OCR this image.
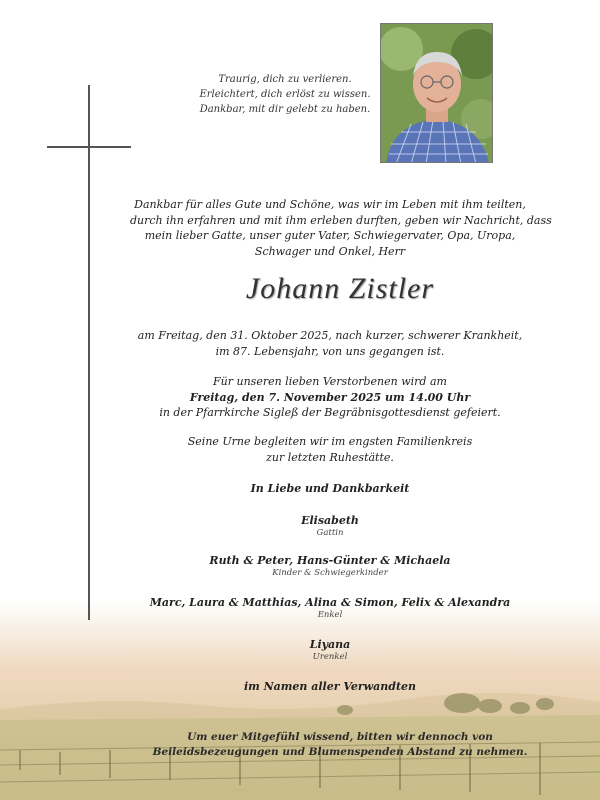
Traurig, dich zu verlieren.
Erleichtert, dich erlöst zu wissen.
Dankbar, mit dir gelebt zu haben.
Dankbar für alles Gute und Schöne, was wir im Leben mit ihm teilten,
durch ihn erfahren und mit ihm erleben durften, geben wir Nachricht, dass
mein lieber Gatte, unser guter Vater, Schwiegervater, Opa, Uropa,
Schwager und Onkel, Herr
Johann Zistler
am Freitag, den 31. Oktober 2025, nach kurzer, schwerer Krankheit,
im 87. Lebensjahr, von uns gegangen ist.
Für unseren lieben Verstorbenen wird am
Freitag, den 7. November 2025 um 14.00 Uhr
in der Pfarrkirche Sigleß der Begräbnisgottesdienst gefeiert.
Seine Urne begleiten wir im engsten Familienkreis
zur letzten Ruhestätte.
In Liebe und Dankbarkeit
Elisabeth
Gattin
Ruth & Peter, Hans-Günter & Michaela
Kinder & Schwiegerkinder
Marc, Laura & Matthias, Alina & Simon, Felix & Alexandra
Enkel
Liyana
Urenkel
im Namen aller Verwandten
Um euer Mitgefühl wissend, bitten wir dennoch von
Beileidsbezeugungen und Blumenspenden Abstand zu nehmen.
